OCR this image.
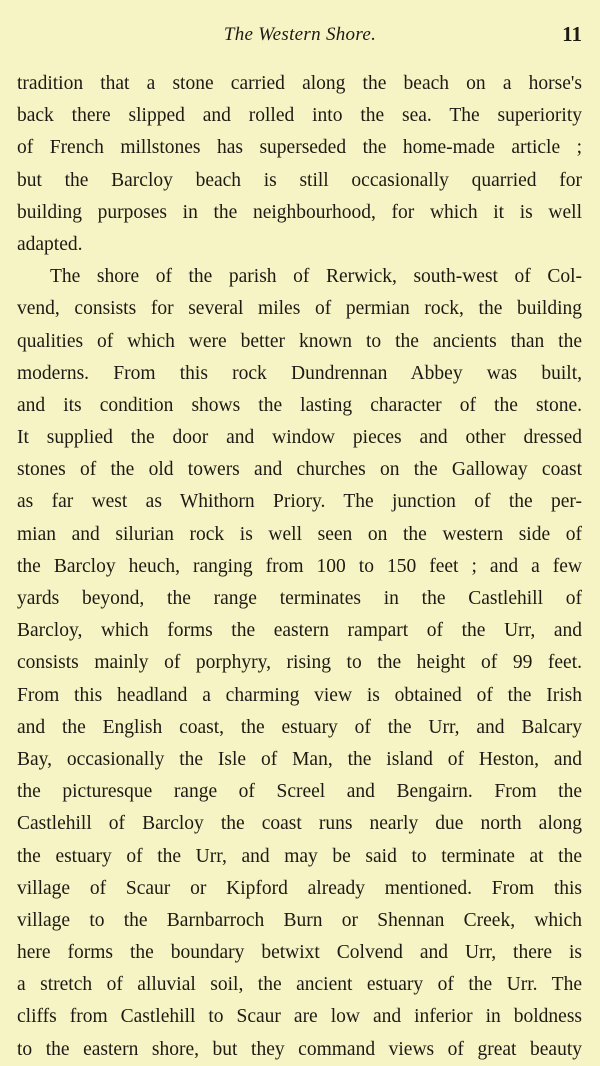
The Western Shore.	11
tradition that a stone carried along the beach on a horse's
back there slipped and rolled into the sea. The superiority
of French millstones has superseded the home-made article ;
but the Barcloy beach is still occasionally quarried for
building purposes in the neighbourhood, for which it is well
adapted.
The shore of the parish of Rerwick, south-west of Col-
vend, consists for several miles of permian rock, the building
qualities of which were better known to the ancients than the
moderns. From this rock Dundrennan Abbey was built,
and its condition shows the lasting character of the stone.
It supplied the door and window pieces and other dressed
stones of the old towers and churches on the Galloway coast
as far west as Whithorn Priory. The junction of the per-
mian and silurian rock is well seen on the western side of
the Barcloy heuch, ranging from 100 to 150 feet ; and a few
yards beyond, the range terminates in the Castlehill of
Barcloy, which forms the eastern rampart of the Urr, and
consists mainly of porphyry, rising to the height of 99 feet.
From this headland a charming view is obtained of the Irish
and the English coast, the estuary of the Urr, and Balcary
Bay, occasionally the Isle of Man, the island of Heston, and
the picturesque range of Screel and Bengairn. From the
Castlehill of Barcloy the coast runs nearly due north along
the estuary of the Urr, and may be said to terminate at the
village of Scaur or Kipford already mentioned. From this
village to the Barnbarroch Burn or Shennan Creek, which
here forms the boundary betwixt Colvend and Urr, there is
a stretch of alluvial soil, the ancient estuary of the Urr. The
cliffs from Castlehill to Scaur are low and inferior in boldness
to the eastern shore, but they command views of great beauty
